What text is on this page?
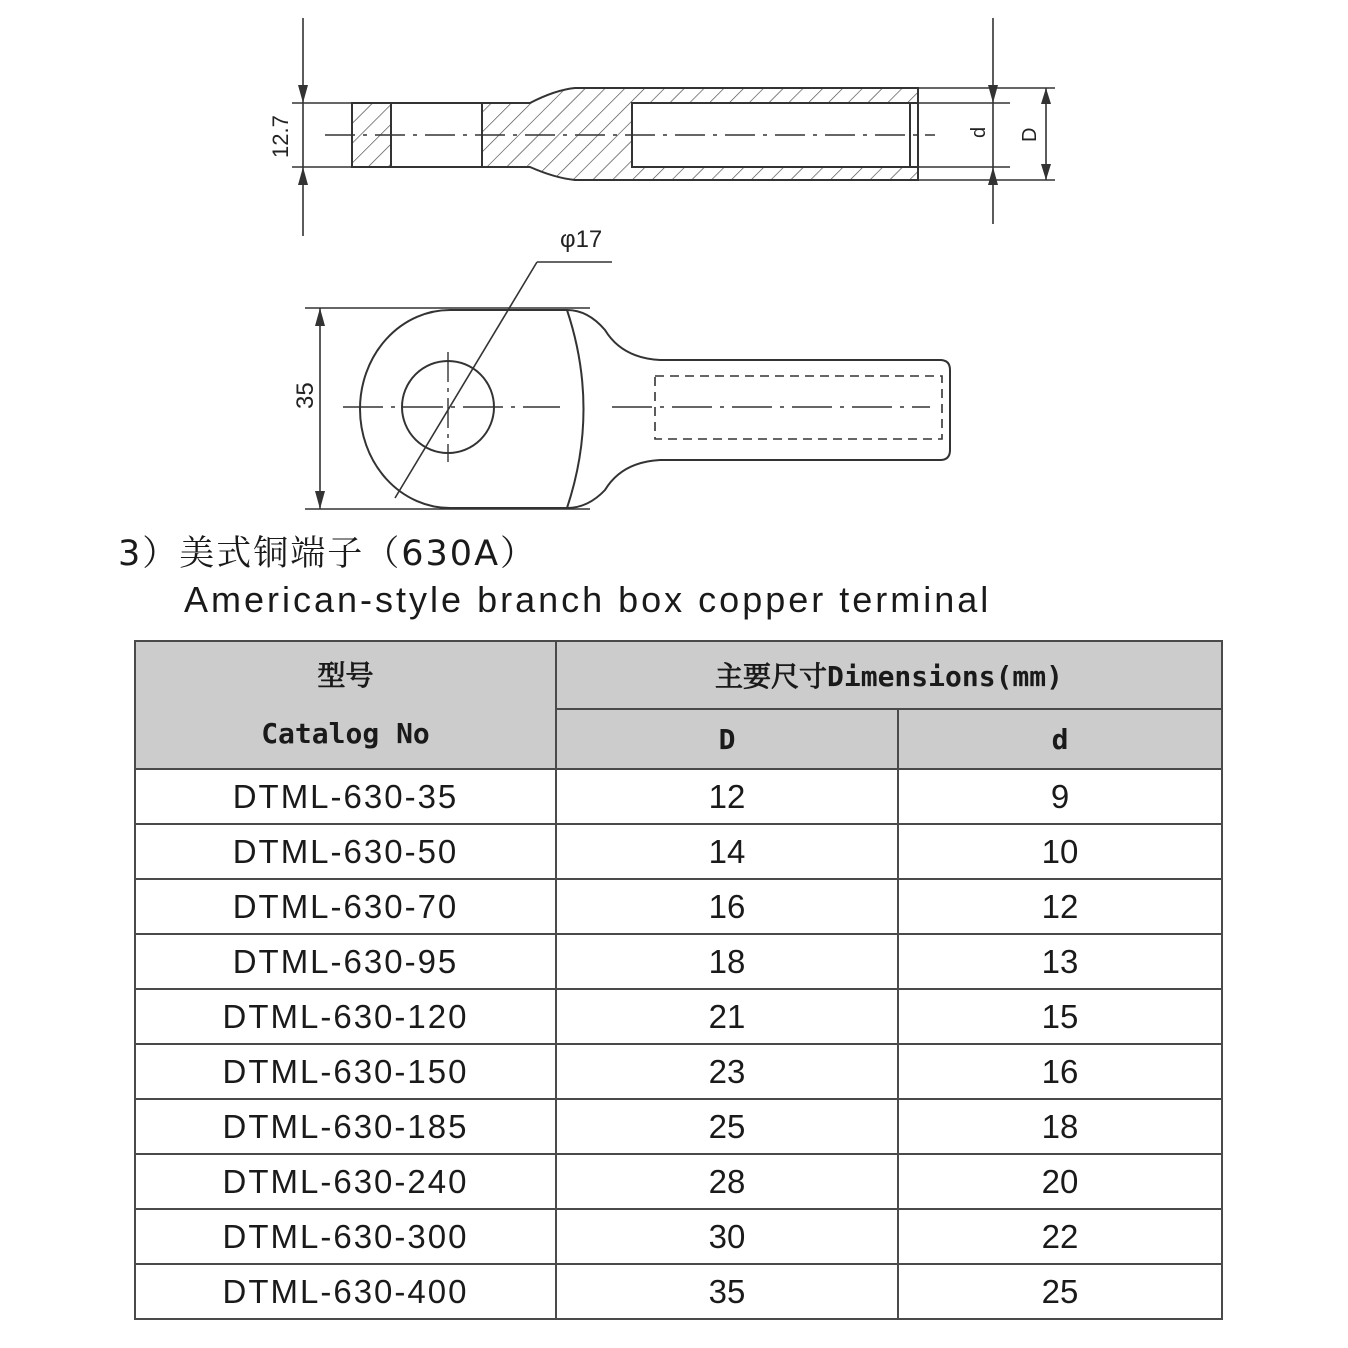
12.7	d D
φ17
35
3）美式铜端子（630A）
American-style branch box copper terminal
型号
Catalog No	主要尺寸Dimensions(mm)	
	D	d
DTML-630-35	12	9
DTML-630-50	14	10
DTML-630-70	16	12
DTML-630-95	18	13
DTML-630-120	21	15
DTML-630-150	23	16
DTML-630-185	25	18
DTML-630-240	28	20
DTML-630-300	30	22
DTML-630-400	35	25
